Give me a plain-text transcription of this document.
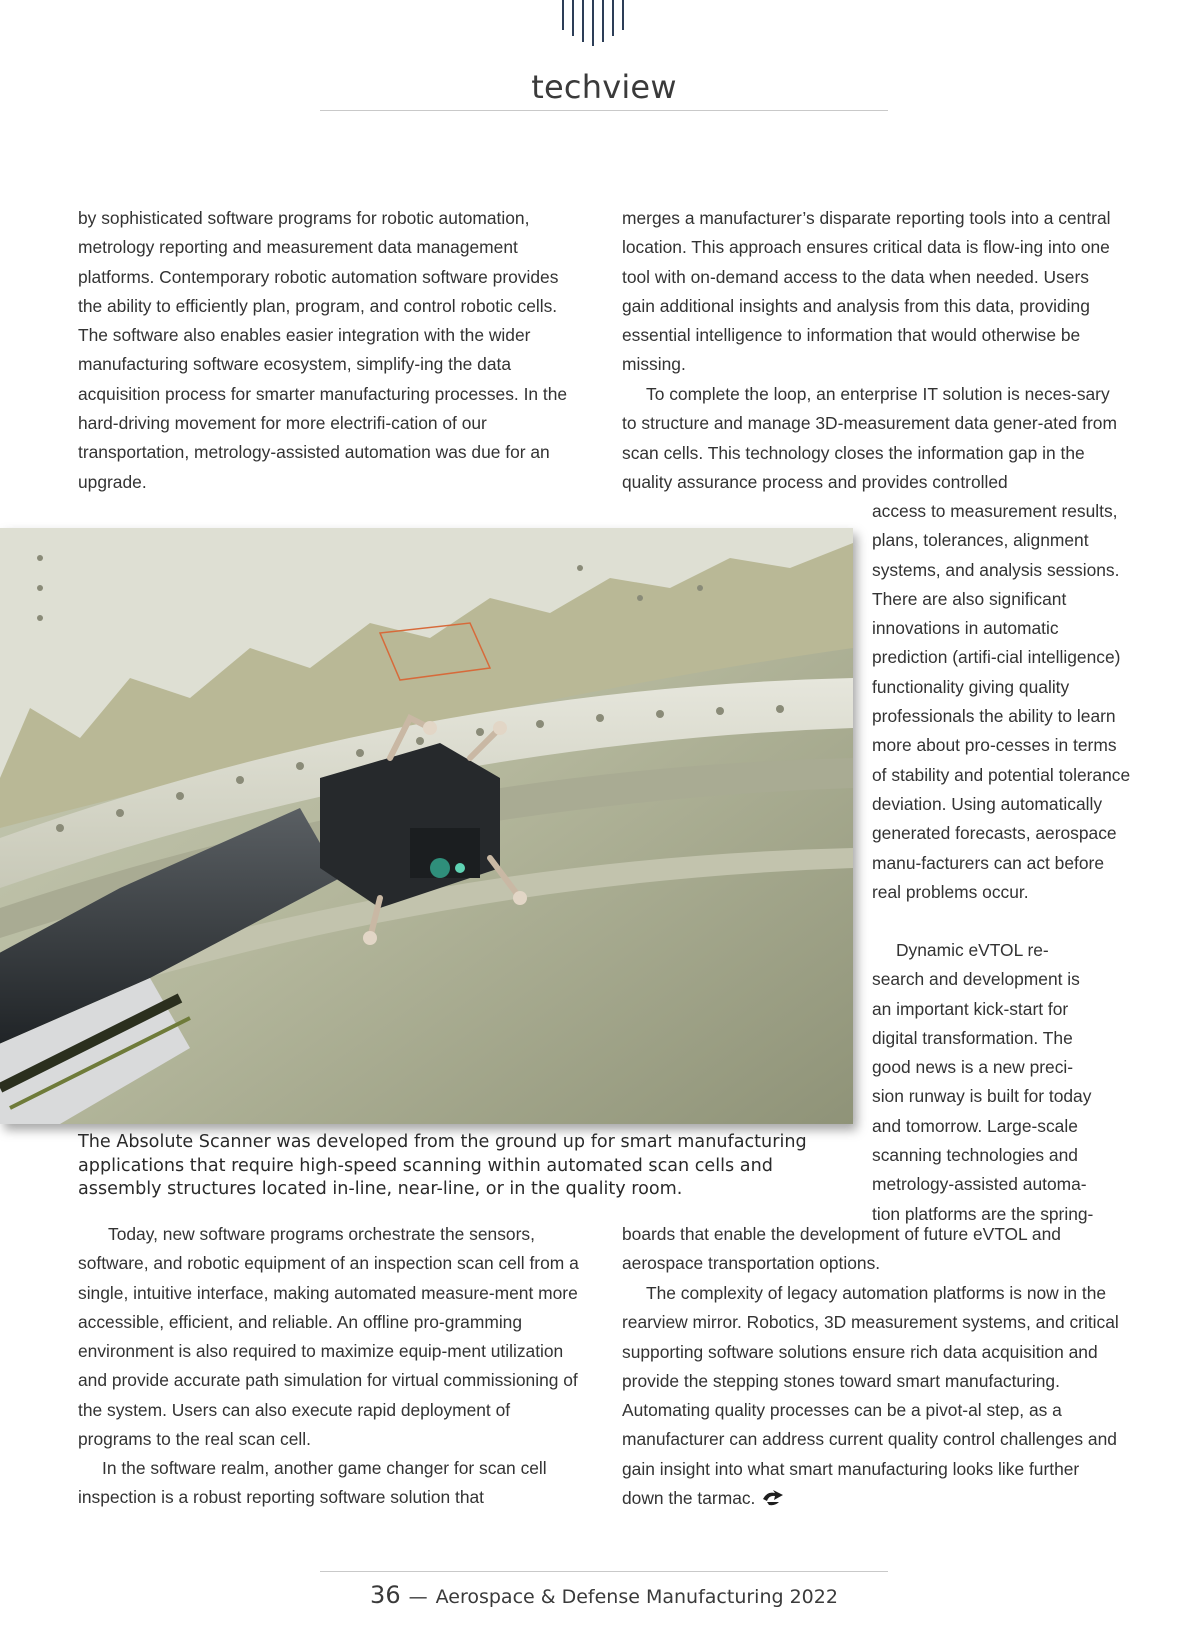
techview
by sophisticated software programs for robotic automation, metrology reporting and measurement data management platforms. Contemporary robotic automation software provides the ability to efficiently plan, program, and control robotic cells. The software also enables easier integration with the wider manufacturing software ecosystem, simplify-ing the data acquisition process for smarter manufacturing processes. In the hard-driving movement for more electrifi-cation of our transportation, metrology-assisted automation was due for an upgrade.
merges a manufacturer’s disparate reporting tools into a central location. This approach ensures critical data is flow-ing into one tool with on-demand access to the data when needed. Users gain additional insights and analysis from this data, providing essential intelligence to information that would otherwise be missing.
To complete the loop, an enterprise IT solution is neces-sary to structure and manage 3D-measurement data gener-ated from scan cells. This technology closes the information gap in the quality assurance process and provides controlled
access to measurement results, plans, tolerances, alignment systems, and analysis sessions. There are also significant innovations in automatic prediction (artifi-cial intelligence) functionality giving quality professionals the ability to learn more about pro-cesses in terms of stability and potential tolerance deviation. Using automatically generated forecasts, aerospace manu-facturers can act before real problems occur.
Dynamic eVTOL re-search and development is an important kick-start for digital transformation. The good news is a new preci-sion runway is built for today and tomorrow. Large-scale scanning technologies and metrology-assisted automa-tion platforms are the spring-
The Absolute Scanner was developed from the ground up for smart manufacturing applications that require high-speed scanning within automated scan cells and assembly structures located in-line, near-line, or in the quality room.
Today, new software programs orchestrate the sensors, software, and robotic equipment of an inspection scan cell from a single, intuitive interface, making automated measure-ment more accessible, efficient, and reliable. An offline pro-gramming environment is also required to maximize equip-ment utilization and provide accurate path simulation for virtual commissioning of the system. Users can also execute rapid deployment of programs to the real scan cell.
In the software realm, another game changer for scan cell inspection is a robust reporting software solution that
boards that enable the development of future eVTOL and aerospace transportation options.
The complexity of legacy automation platforms is now in the rearview mirror. Robotics, 3D measurement systems, and critical supporting software solutions ensure rich data acquisition and provide the stepping stones toward smart manufacturing. Automating quality processes can be a pivot-al step, as a manufacturer can address current quality control challenges and gain insight into what smart manufacturing looks like further down the tarmac.
36 — Aerospace & Defense Manufacturing 2022
